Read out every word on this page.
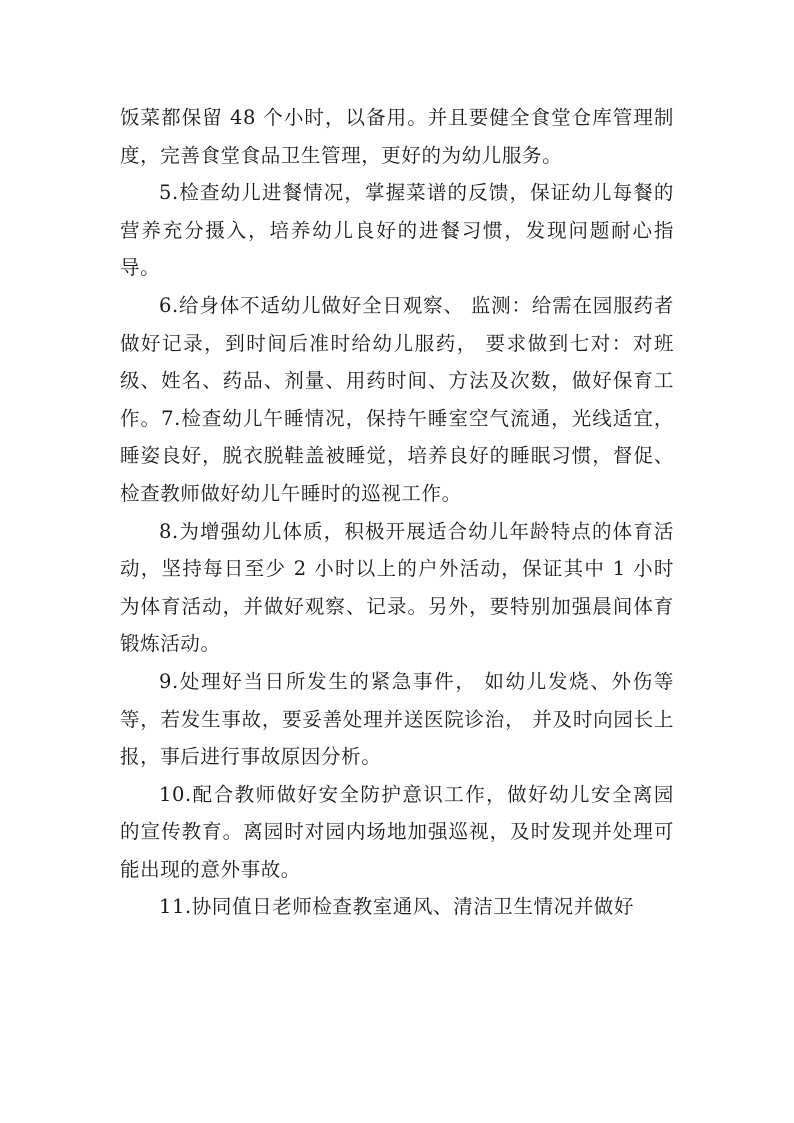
饭菜都保留 48 个小时，以备用。并且要健全食堂仓库管理制度，完善食堂食品卫生管理，更好的为幼儿服务。

5.检查幼儿进餐情况，掌握菜谱的反馈，保证幼儿每餐的营养充分摄入，培养幼儿良好的进餐习惯，发现问题耐心指导。

6.给身体不适幼儿做好全日观察、 监测：给需在园服药者做好记录，到时间后准时给幼儿服药， 要求做到七对：对班级、姓名、药品、剂量、用药时间、方法及次数，做好保育工作。7.检查幼儿午睡情况，保持午睡室空气流通，光线适宜，睡姿良好，脱衣脱鞋盖被睡觉，培养良好的睡眠习惯，督促、检查教师做好幼儿午睡时的巡视工作。

8.为增强幼儿体质，积极开展适合幼儿年龄特点的体育活动，坚持每日至少 2 小时以上的户外活动，保证其中 1 小时为体育活动，并做好观察、记录。另外，要特别加强晨间体育锻炼活动。

9.处理好当日所发生的紧急事件， 如幼儿发烧、外伤等等，若发生事故，要妥善处理并送医院诊治， 并及时向园长上报，事后进行事故原因分析。

10.配合教师做好安全防护意识工作，做好幼儿安全离园的宣传教育。离园时对园内场地加强巡视，及时发现并处理可能出现的意外事故。

11.协同值日老师检查教室通风、清洁卫生情况并做好
